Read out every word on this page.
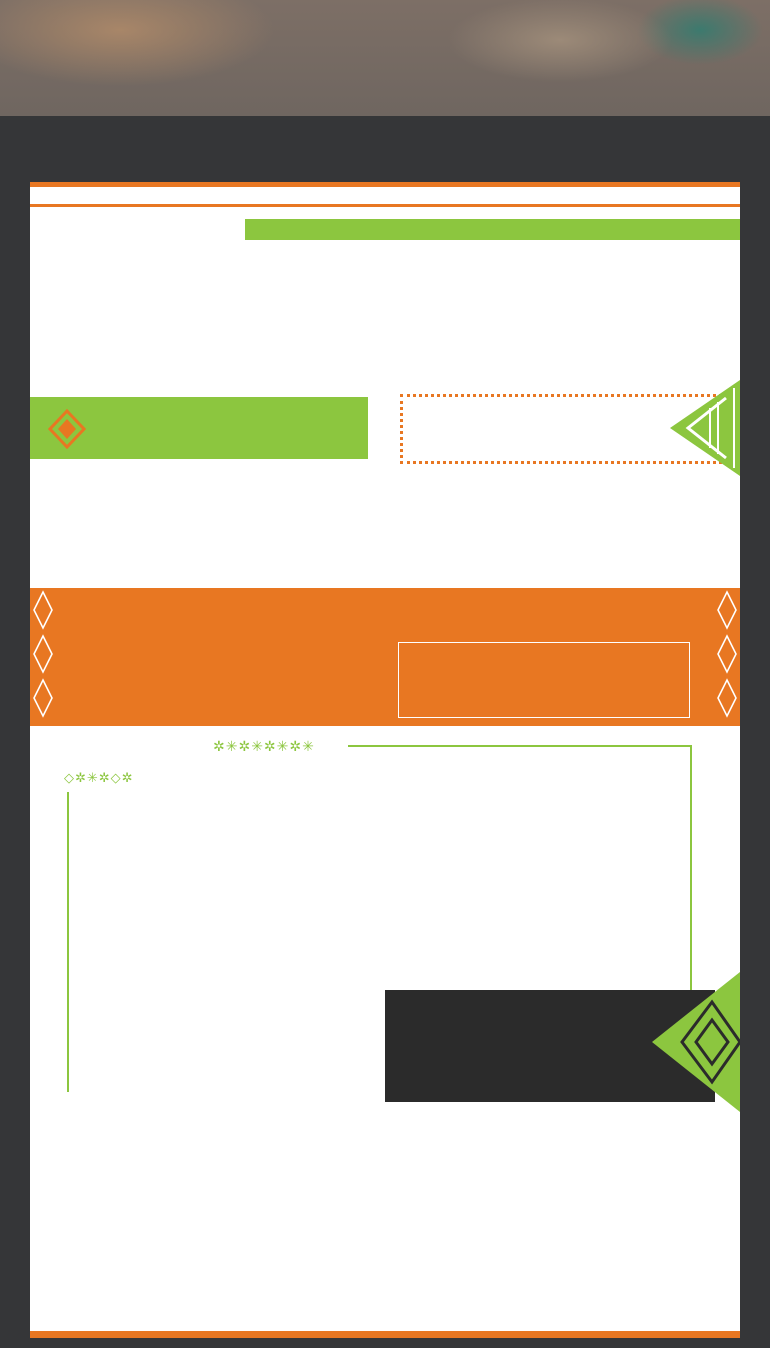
✲✳✲✳✲✳✲✳
◇✲✳✲◇✲
